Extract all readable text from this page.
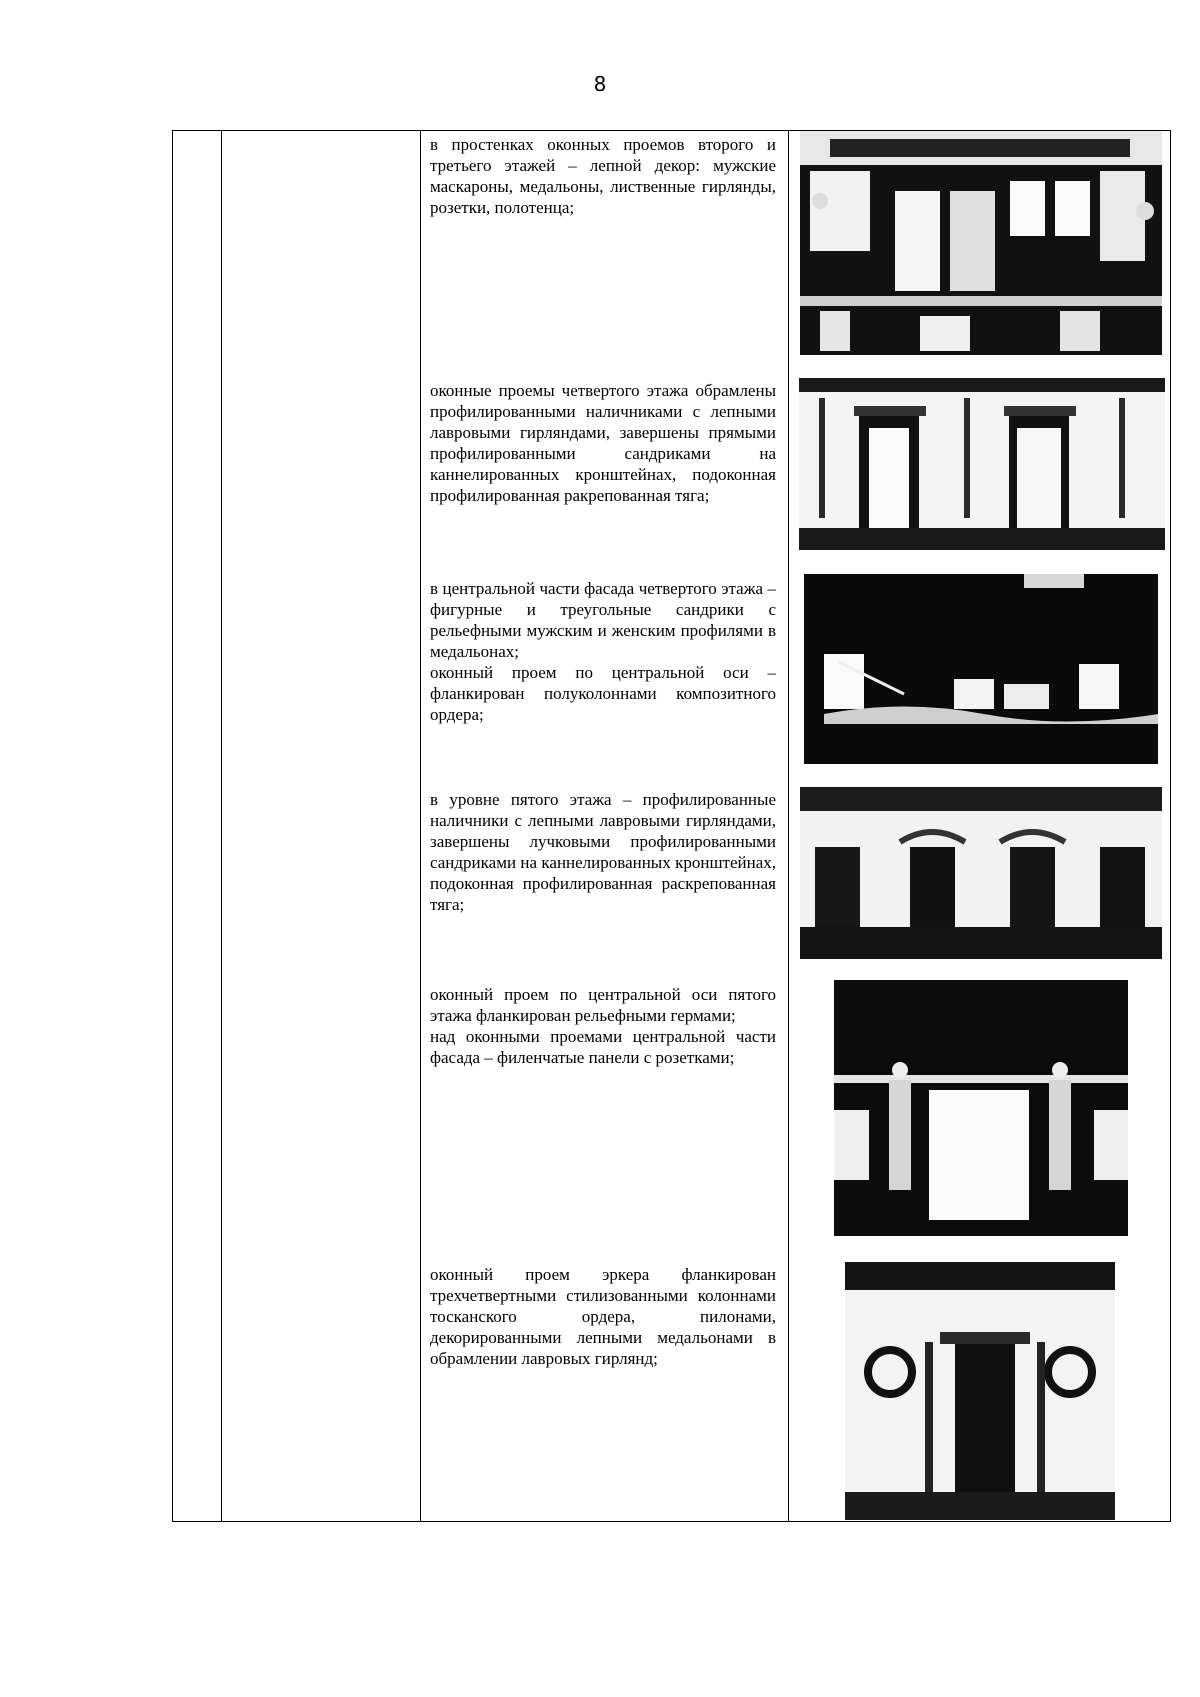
8

в простенках оконных проемов второго и третьего этажей – лепной декор: мужские маскароны, медальоны, лиственные гирлянды, розетки, полотенца;

оконные проемы четвертого этажа обрамлены профилированными наличниками с лепными лавровыми гирляндами, завершены прямыми профилированными сандриками на каннелированных кронштейнах, подоконная профилированная ракрепованная тяга;

в центральной части фасада четвертого этажа – фигурные и треугольные сандрики с рельефными мужским и женским профилями в медальонах;

оконный проем по центральной оси – фланкирован полуколоннами композитного ордера;

в уровне пятого этажа – профилированные наличники с лепными лавровыми гирляндами, завершены лучковыми профилированными сандриками на каннелированных кронштейнах, подоконная профилированная раскрепованная тяга;

оконный проем по центральной оси пятого этажа фланкирован рельефными гермами;

над оконными проемами центральной части фасада – филенчатые панели с розетками;

оконный проем эркера фланкирован трехчетвертными стилизованными колоннами тосканского ордера, пилонами, декорированными лепными медальонами в обрамлении лавровых гирлянд;
